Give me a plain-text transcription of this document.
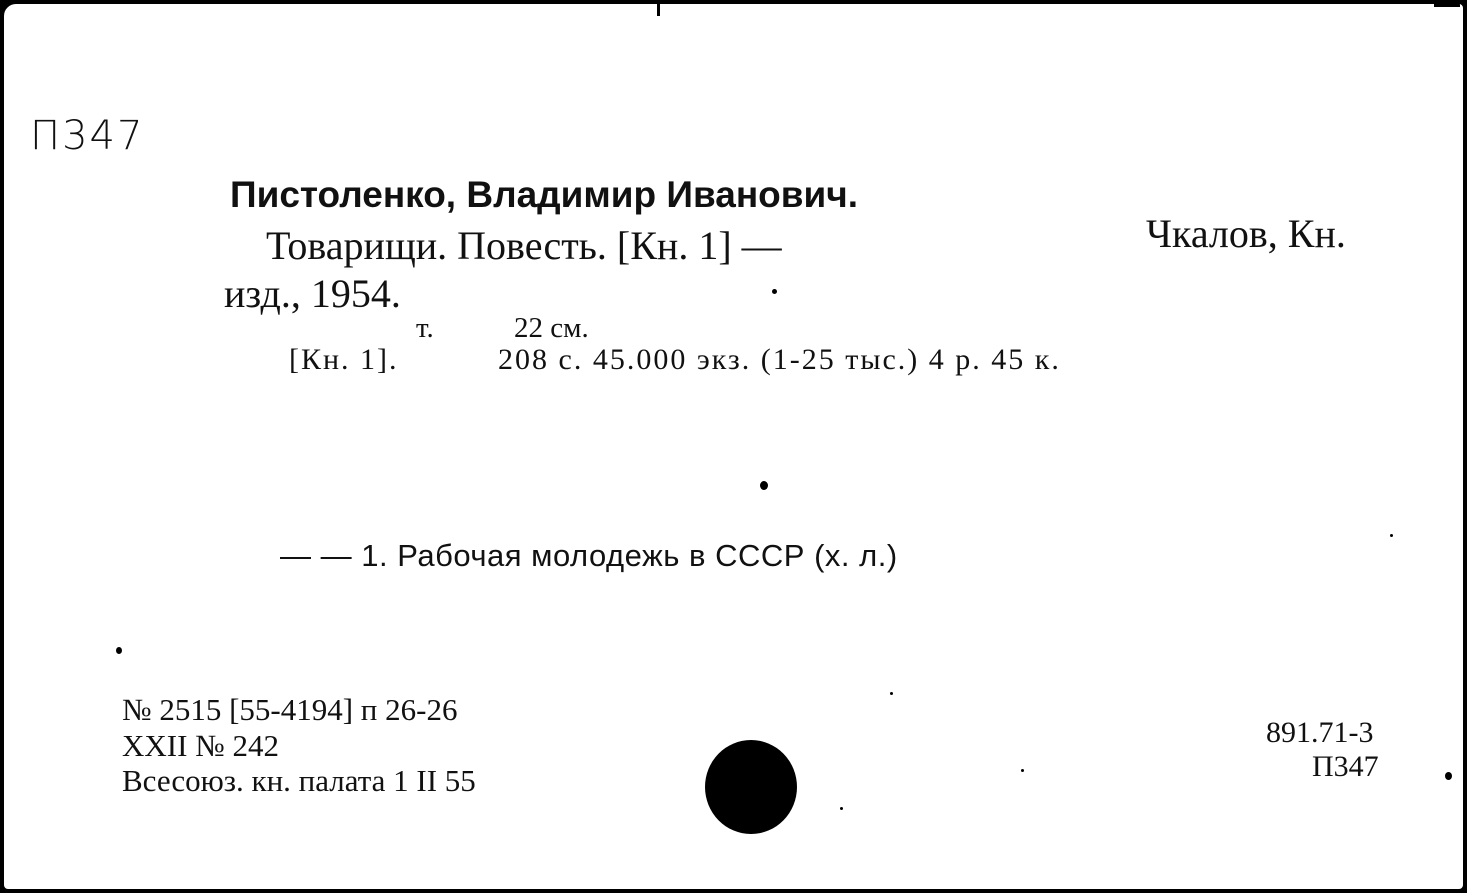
П347
Пистоленко, Владимир Иванович.
Товарищи. Повесть. [Кн. 1] —	Чкалов, Кн.
изд., 1954.
т.	22 см.
[Кн. 1].	208 с. 45.000 экз. (1-25 тыс.) 4 р. 45 к.
— — 1. Рабочая молодежь в СССР (х. л.)
№ 2515 [55-4194] п 26-26
XXII № 242
Всесоюз. кн. палата 1 II 55
891.71-3
П347
